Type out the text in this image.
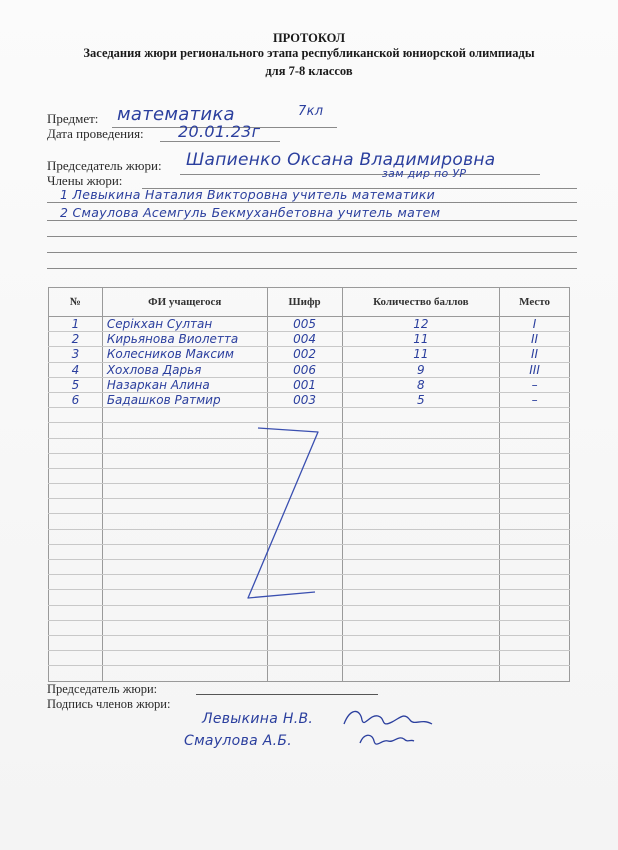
ПРОТОКОЛ
Заседания жюри регионального этапа республиканской юниорской олимпиады
для 7-8 классов
Предмет: математика	7кл
Дата проведения: 20.01.23г
Председатель жюри: Шапиенко Оксана Владимировна
зам дир по УР
Члены жюри:
1 Левыкина Наталия Викторовна учитель математики
2 Смаулова Асемгуль Бекмуханбетовна учитель матем
№	ФИ учащегося	Шифр	Количество баллов	Место
1	Серікхан Султан	005	12	I
2	Кирьянова Виолетта	004	11	II
3	Колесников Максим	002	11	II
4	Хохлова Дарья	006	9	III
5	Назаркан Алина	001	8	–
6	Бадашков Ратмир	003	5	–

Председатель жюри:
Подпись членов жюри:
Левыкина Н.В.
Смаулова А.Б.
